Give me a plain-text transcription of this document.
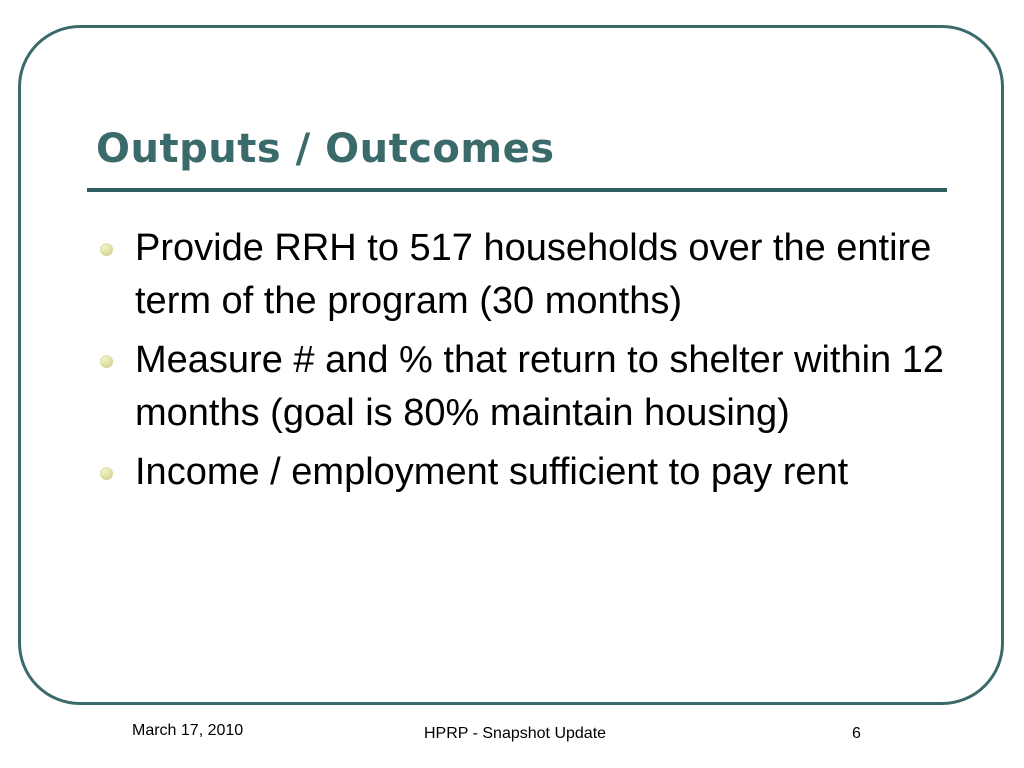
Outputs / Outcomes
Provide RRH to 517 households over the entire term of the program (30 months)
Measure # and % that return to shelter within 12 months (goal is 80% maintain housing)
Income / employment sufficient to pay rent
March 17, 2010	HPRP - Snapshot Update	6
